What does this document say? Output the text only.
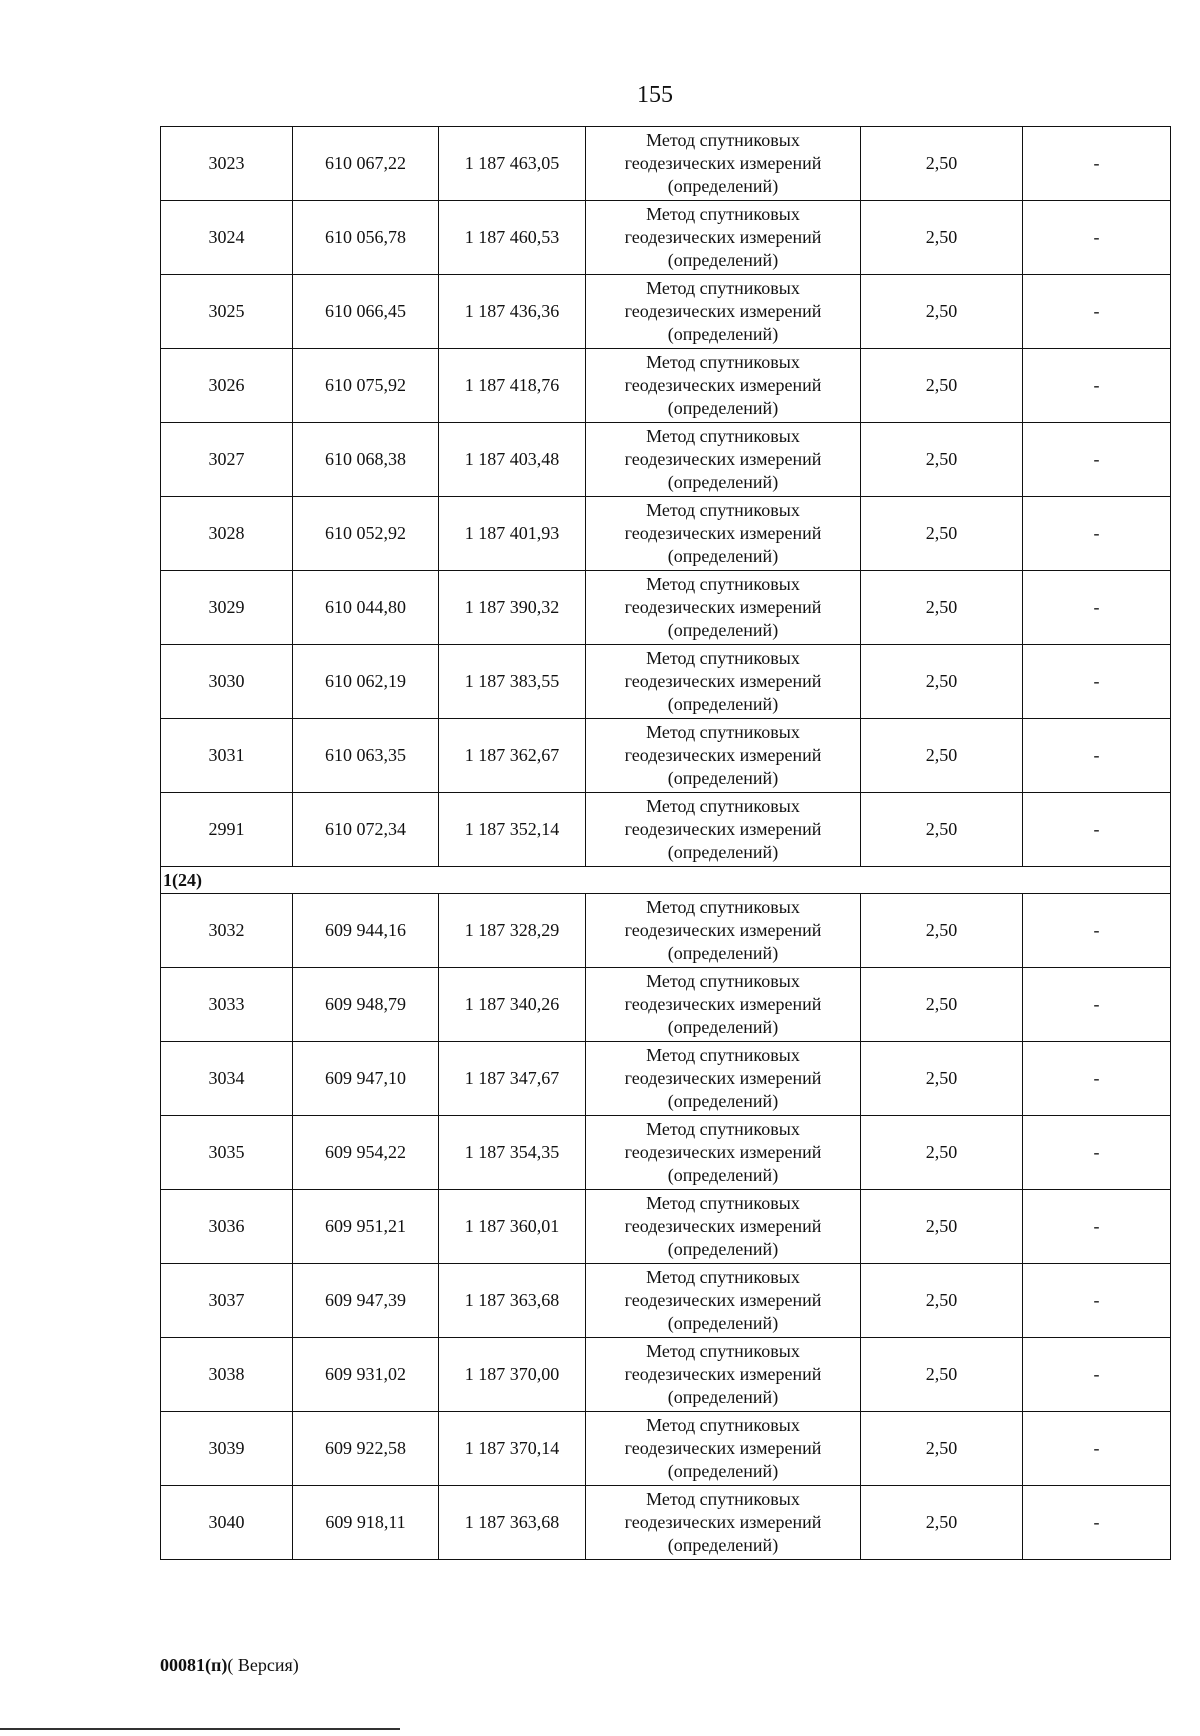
155
3023	610 067,22	1 187 463,05	Метод спутниковых
геодезических измерений
(определений)	2,50	-
3024	610 056,78	1 187 460,53	Метод спутниковых
геодезических измерений
(определений)	2,50	-
3025	610 066,45	1 187 436,36	Метод спутниковых
геодезических измерений
(определений)	2,50	-
3026	610 075,92	1 187 418,76	Метод спутниковых
геодезических измерений
(определений)	2,50	-
3027	610 068,38	1 187 403,48	Метод спутниковых
геодезических измерений
(определений)	2,50	-
3028	610 052,92	1 187 401,93	Метод спутниковых
геодезических измерений
(определений)	2,50	-
3029	610 044,80	1 187 390,32	Метод спутниковых
геодезических измерений
(определений)	2,50	-
3030	610 062,19	1 187 383,55	Метод спутниковых
геодезических измерений
(определений)	2,50	-
3031	610 063,35	1 187 362,67	Метод спутниковых
геодезических измерений
(определений)	2,50	-
2991	610 072,34	1 187 352,14	Метод спутниковых
геодезических измерений
(определений)	2,50	-
1(24)					
3032	609 944,16	1 187 328,29	Метод спутниковых
геодезических измерений
(определений)	2,50	-
3033	609 948,79	1 187 340,26	Метод спутниковых
геодезических измерений
(определений)	2,50	-
3034	609 947,10	1 187 347,67	Метод спутниковых
геодезических измерений
(определений)	2,50	-
3035	609 954,22	1 187 354,35	Метод спутниковых
геодезических измерений
(определений)	2,50	-
3036	609 951,21	1 187 360,01	Метод спутниковых
геодезических измерений
(определений)	2,50	-
3037	609 947,39	1 187 363,68	Метод спутниковых
геодезических измерений
(определений)	2,50	-
3038	609 931,02	1 187 370,00	Метод спутниковых
геодезических измерений
(определений)	2,50	-
3039	609 922,58	1 187 370,14	Метод спутниковых
геодезических измерений
(определений)	2,50	-
3040	609 918,11	1 187 363,68	Метод спутниковых
геодезических измерений
(определений)	2,50	-
00081(п)( Версия)
